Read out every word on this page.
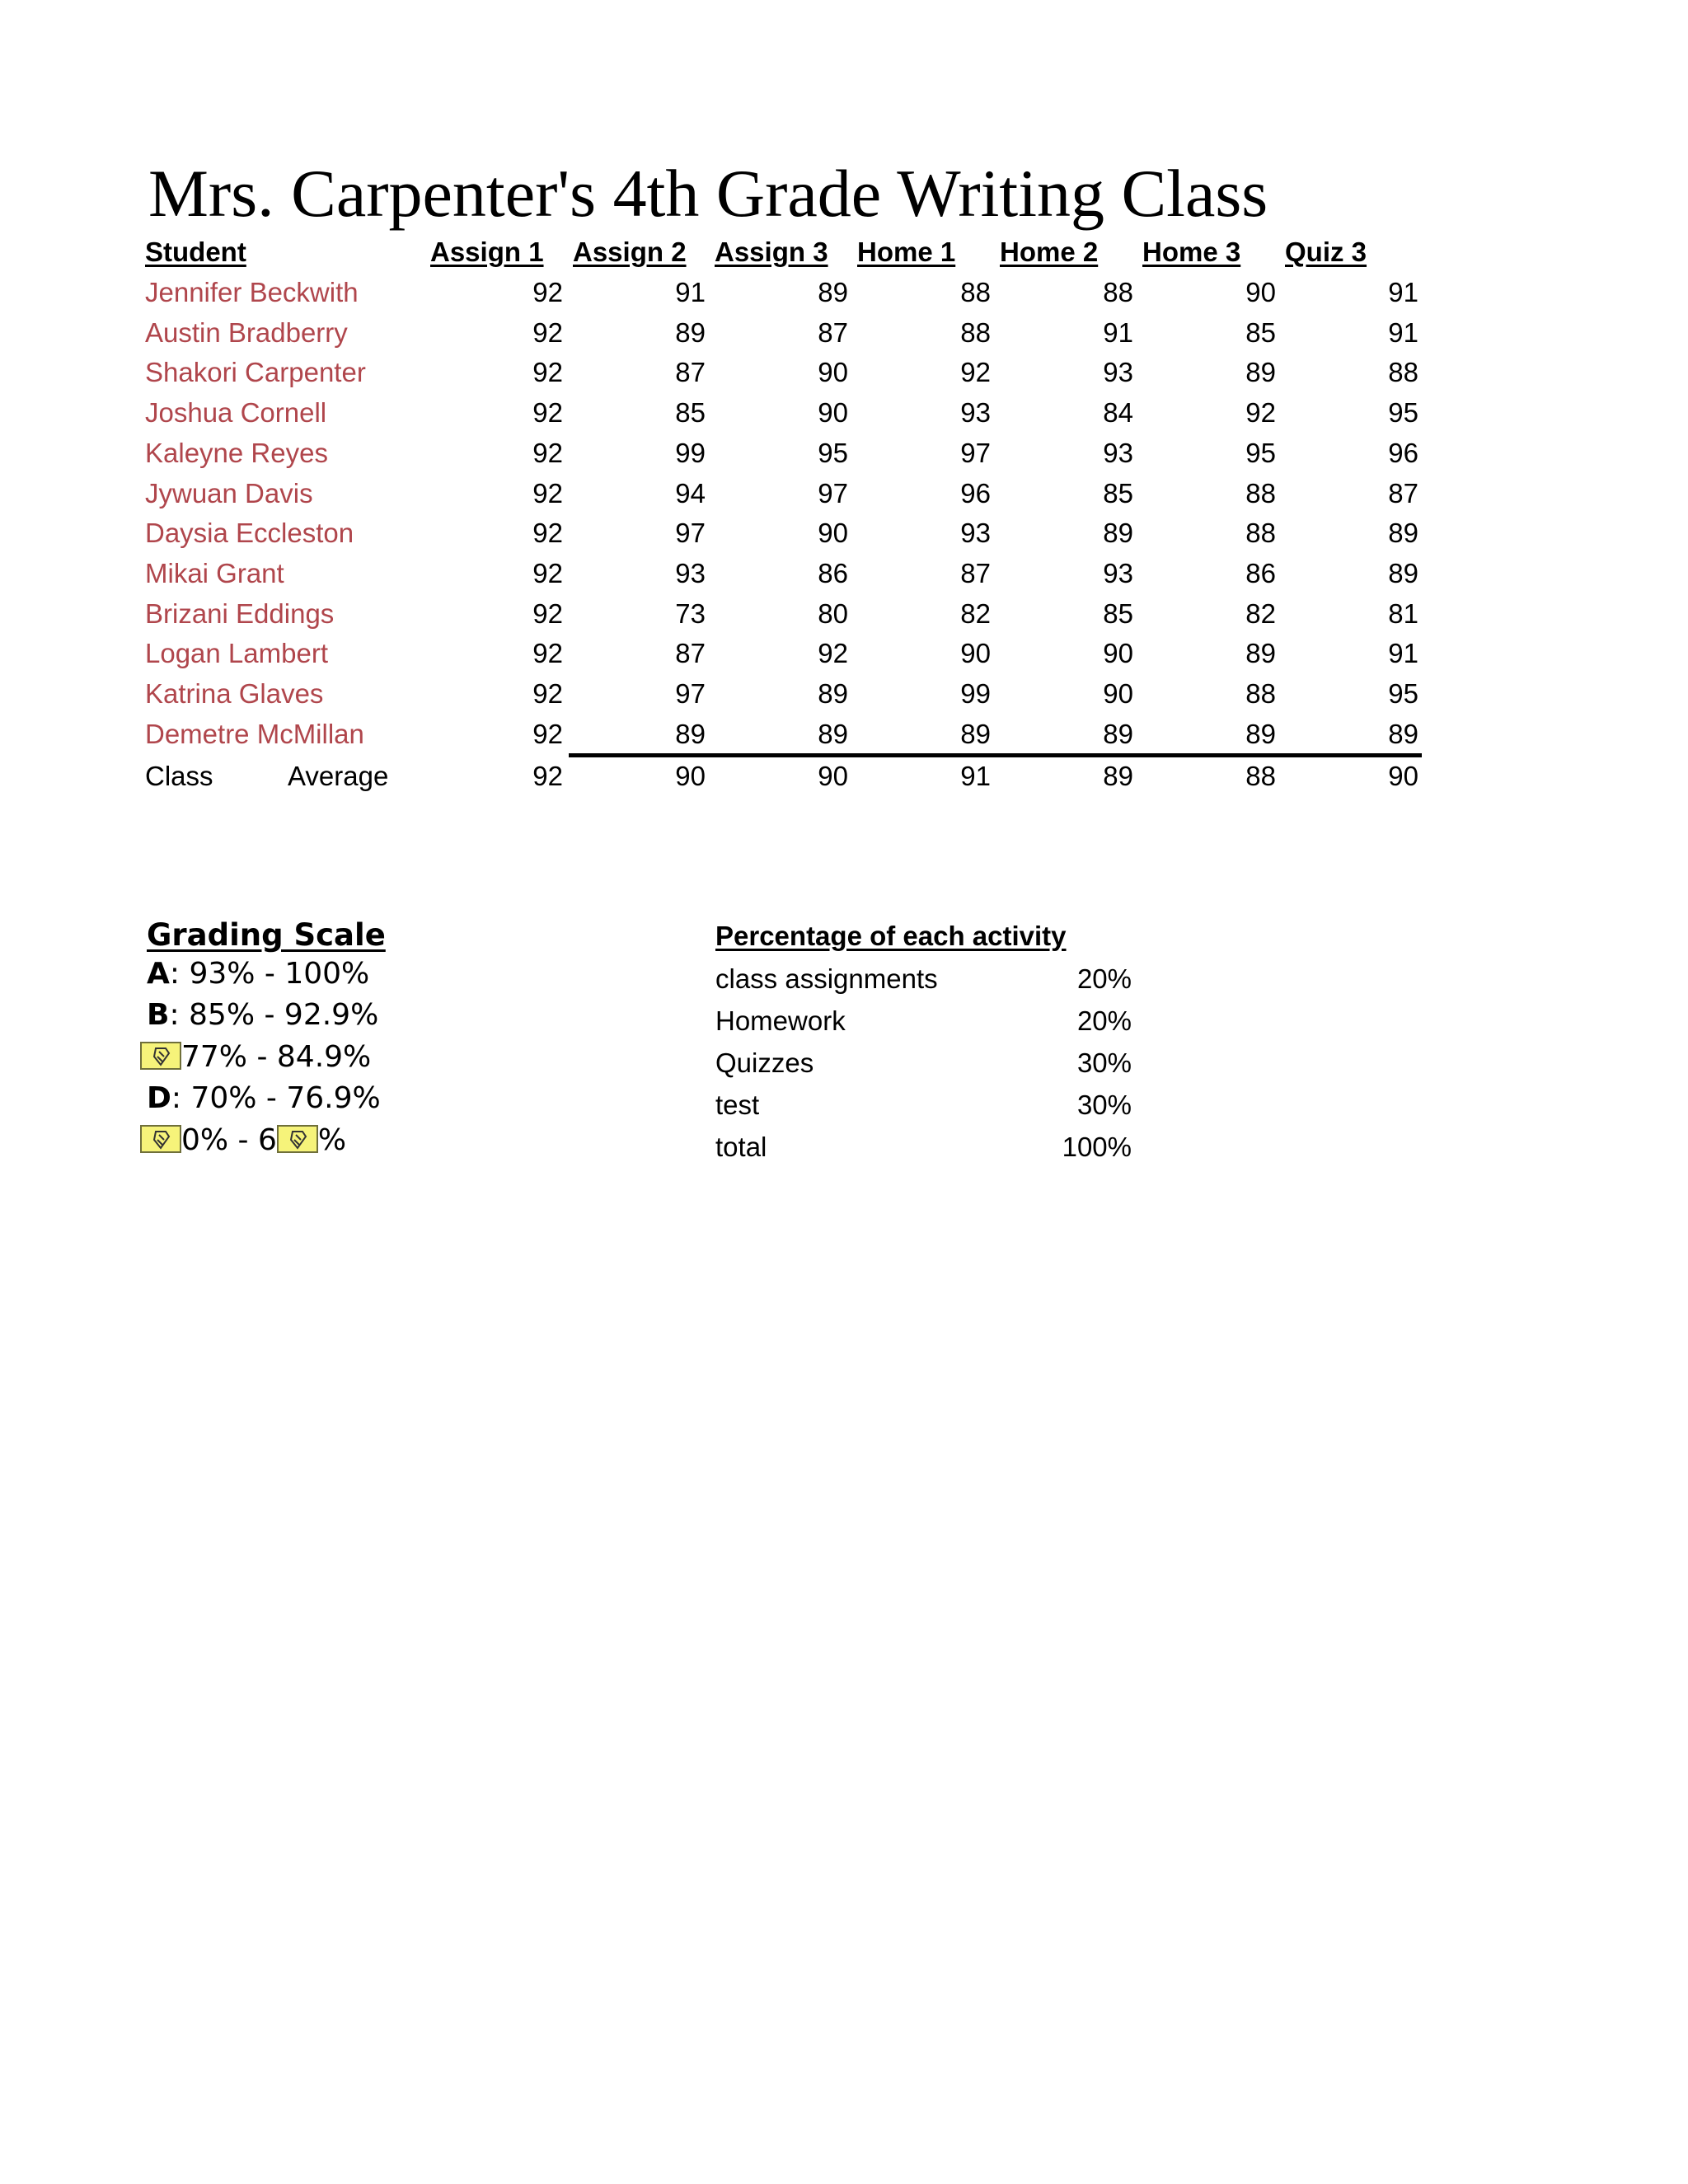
Mrs. Carpenter's 4th Grade Writing Class
Student	Assign 1 Assign 2 Assign 3 Home 1 Home 2 Home 3 Quiz 3
Jennifer Beckwith	92	91	89	88	88	90	91
Austin Bradberry	92	89	87	88	91	85	91
Shakori Carpenter	92	87	90	92	93	89	88
Joshua Cornell	92	85	90	93	84	92	95
Kaleyne Reyes	92	99	95	97	93	95	96
Jywuan Davis	92	94	97	96	85	88	87
Daysia Eccleston	92	97	90	93	89	88	89
Mikai Grant	92	93	86	87	93	86	89
Brizani Eddings	92	73	80	82	85	82	81
Logan Lambert	92	87	92	90	90	89	91
Katrina Glaves	92	97	89	99	90	88	95
Demetre McMillan	92	89	89	89	89	89	89
Class	Average	92	90	90	91	89	88	90
Grading Scale
A: 93% - 100%
B: 85% - 92.9%
77% - 84.9%
D: 70% - 76.9%
0% - 6 %
Percentage of each activity
class assignments	20%
Homework	20%
Quizzes	30%
test	30%
total	100%
